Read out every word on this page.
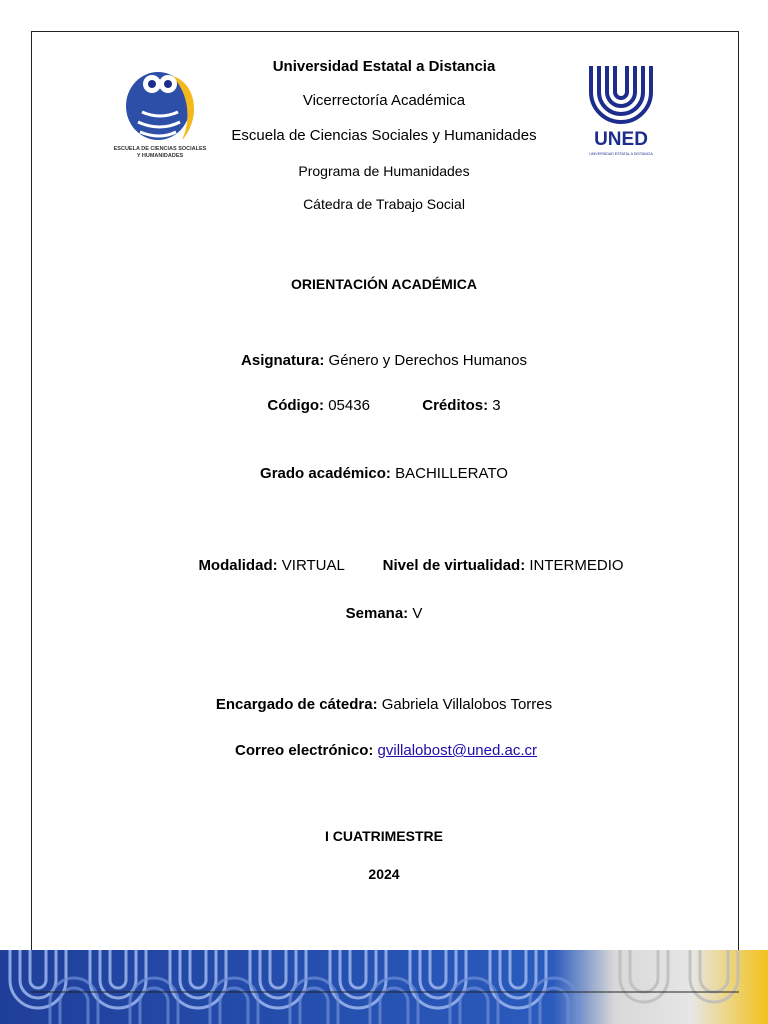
ESCUELA DE CIENCIAS SOCIALES
Y HUMANIDADES
UNED
UNIVERSIDAD ESTATAL A DISTANCIA
Universidad Estatal a Distancia
Vicerrectoría Académica
Escuela de Ciencias Sociales y Humanidades
Programa de Humanidades
Cátedra de Trabajo Social
ORIENTACIÓN ACADÉMICA
Asignatura: Género y Derechos Humanos
Código: 05436	Créditos: 3
Grado académico: BACHILLERATO
Modalidad: VIRTUAL	Nivel de virtualidad: INTERMEDIO
Semana: V
Encargado de cátedra: Gabriela Villalobos Torres
Correo electrónico: gvillalobost@uned.ac.cr
I CUATRIMESTRE
2024
